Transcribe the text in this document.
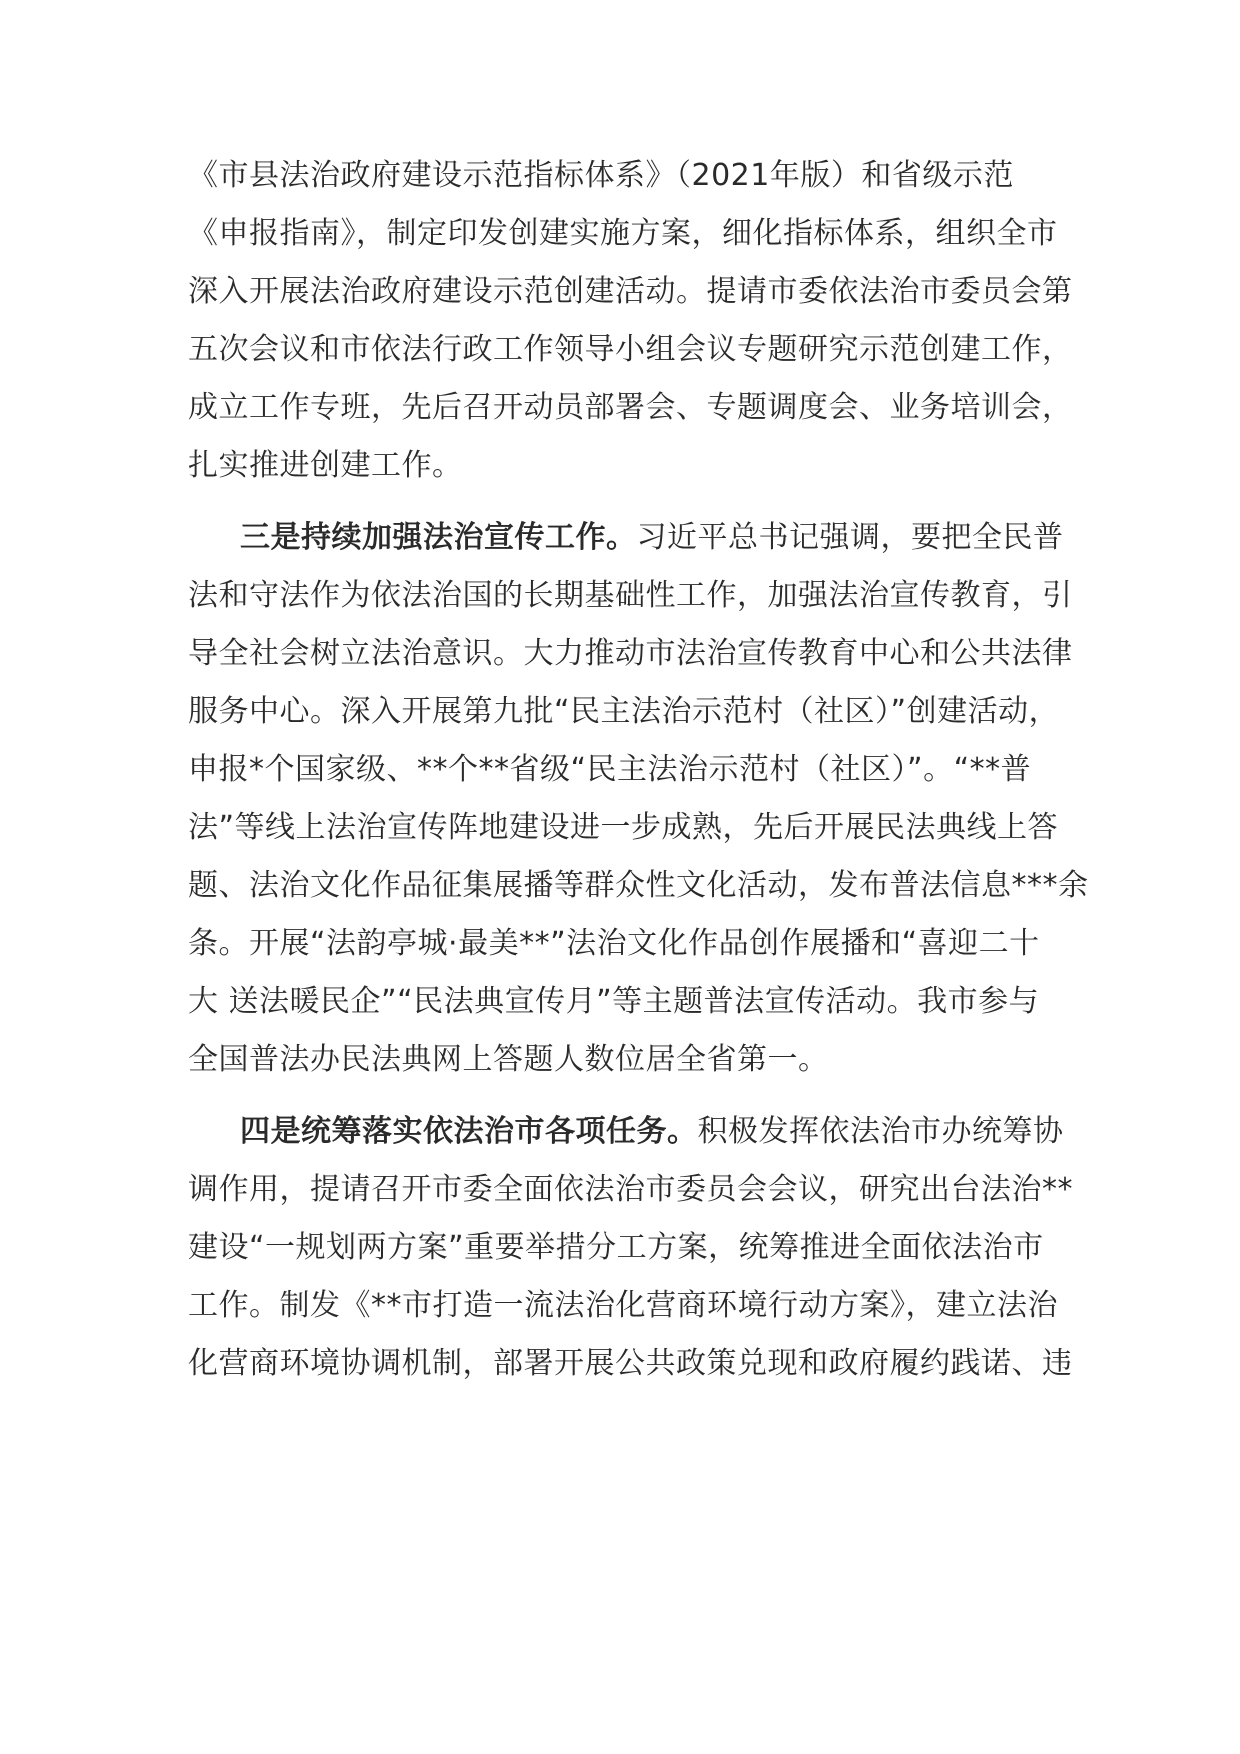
《市县法治政府建设示范指标体系》（2021年版）和省级示范
《申报指南》，制定印发创建实施方案，细化指标体系，组织全市
深入开展法治政府建设示范创建活动。提请市委依法治市委员会第
五次会议和市依法行政工作领导小组会议专题研究示范创建工作，
成立工作专班，先后召开动员部署会、专题调度会、业务培训会，
扎实推进创建工作。
三是持续加强法治宣传工作。习近平总书记强调，要把全民普
法和守法作为依法治国的长期基础性工作，加强法治宣传教育，引
导全社会树立法治意识。大力推动市法治宣传教育中心和公共法律
服务中心。深入开展第九批“民主法治示范村（社区）”创建活动，
申报*个国家级、**个**省级“民主法治示范村（社区）”。“**普
法”等线上法治宣传阵地建设进一步成熟，先后开展民法典线上答
题、法治文化作品征集展播等群众性文化活动，发布普法信息***余
条。开展“法韵亭城·最美**”法治文化作品创作展播和“喜迎二十
大 送法暖民企”“民法典宣传月”等主题普法宣传活动。我市参与
全国普法办民法典网上答题人数位居全省第一。
四是统筹落实依法治市各项任务。积极发挥依法治市办统筹协
调作用，提请召开市委全面依法治市委员会会议，研究出台法治**
建设“一规划两方案”重要举措分工方案，统筹推进全面依法治市
工作。制发《**市打造一流法治化营商环境行动方案》，建立法治
化营商环境协调机制，部署开展公共政策兑现和政府履约践诺、违
